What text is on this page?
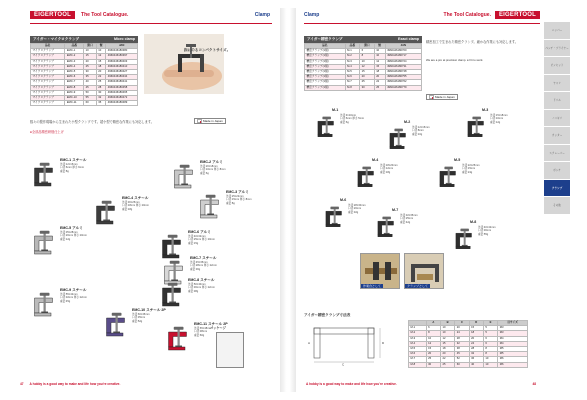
EIGERTOOL	The Tool Catalogue.	Clamp
アイガー・マイクロクランプ	Micro clamp
品名	品番	開口	懐	JAN
マイクロクランプ	EMC-1	10	10	4960446180380
マイクロクランプ	EMC-2	15	12	4960446180397
マイクロクランプ	EMC-3	20	15	4960446180403
マイクロクランプ	EMC-4	25	18	4960446180410
マイクロクランプ	EMC-5	30	20	4960446180427
マイクロクランプ	EMC-6	35	22	4960446180434
マイクロクランプ	EMC-7	40	25	4960446180441
マイクロクランプ	EMC-8	45	28	4960446180458
マイクロクランプ	EMC-9	50	30	4960446180465
マイクロクランプ	EMC-10	55	32	4960446180472
マイクロクランプ	EMC-11	60	35	4960446180489
指にのるコンパクトサイズ。
Made in Japan
数々の製作現場から生まれた小型クランプです。超小型で精密な作業にも対応します。
●全部品精密研削仕上げ
EMC-1 スチール
外径:12×15mm
口径:6mm 厚さ:6mm
重量:8g
EMC-2 アルミ
外径:20×18mm
口径:10mm 厚さ:8mm
重量:6g
EMC-3 アルミ
外径:25×22mm
口径:15mm 厚さ:8mm
重量:8g
EMC-4 スチール
外径:30×25mm
口径:18mm 厚さ:10mm
重量:18g
EMC-5 アルミ
外径:35×28mm
口径:20mm 厚さ:10mm
重量:12g
EMC-6 アルミ
外径:40×32mm
口径:25mm 厚さ:10mm
重量:15g
EMC-7 スチール
外径:45×35mm
口径:28mm 厚さ:12mm
重量:30g
EMC-8 スチール
外径:50×40mm
口径:30mm 厚さ:12mm
重量:38g
EMC-9 スチール
外径:55×42mm
口径:32mm 厚さ:12mm
重量:45g
EMC-10 スチール 2P
外径:60×45mm
口径:35mm
重量:52g
EMC-11 スチール 2P
外径:65×48mm
口径:38mm
重量:60g
パッケージ
47 A hobby is a good way to make and life how you're creative.
Clamp	The Tool Catalogue.	EIGERTOOL
アイガー精密クランプ	Exact clamp
品名	品番	開口	懐	JAN
精密クランプ(1個)	M-1	6	10	4960446180700
精密クランプ(1個)	M-2	8	10	4960446180717
精密クランプ(1個)	M-3	10	12	4960446180724
精密クランプ(1個)	M-4	12	15	4960446180731
精密クランプ(1個)	M-5	15	18	4960446180748
精密クランプ(1個)	M-6	20	20	4960446180755
精密クランプ(1個)	M-7	25	22	4960446180762
精密クランプ(1個)	M-8	30	25	4960446180779
精密加工で生まれた精密クランプ。細かな作業にも対応します。
We are a pro at precision clamp. ● Fit to work.
Made in Japan
M-1
外径:9×10mm
口径:6mm 厚さ:5mm
重量:6g	M-2
外径:12×15mm
口径:8mm
重量:10g
M-3
外径:15×18mm
口径:10mm
重量:12g
M-4
外径:18×20mm
口径:12mm
重量:18g
M-5
外径:22×25mm
口径:15mm
重量:24g
M-6
外径:28×30mm
口径:20mm
重量:32g
M-7
外径:32×35mm
口径:25mm
重量:42g	M-8
外径:40×42mm
口径:30mm
重量:55g
作業台として	クランプとして
アイガー精密クランプ寸法表
C
D
A
	A	B	C	D	E	Ⓒサイズ
M-1	6	10	20	15	5	M3
M-2	8	10	24	18	5	M3
M-3	10	12	28	20	6	M4
M-4	12	15	32	24	6	M4
M-5	15	18	38	28	8	M5
M-6	20	20	45	32	8	M5
M-7	25	22	52	36	10	M6
M-8	30	25	60	40	10	M6
ニッパー
ペンチ・プライヤー
ピンセット
ヤスリ
ドリル
ノコギリ
カッター
スクレーパー
ポンチ
クランプ
その他
A hobby is a good way to make and life how you're creative.	48
